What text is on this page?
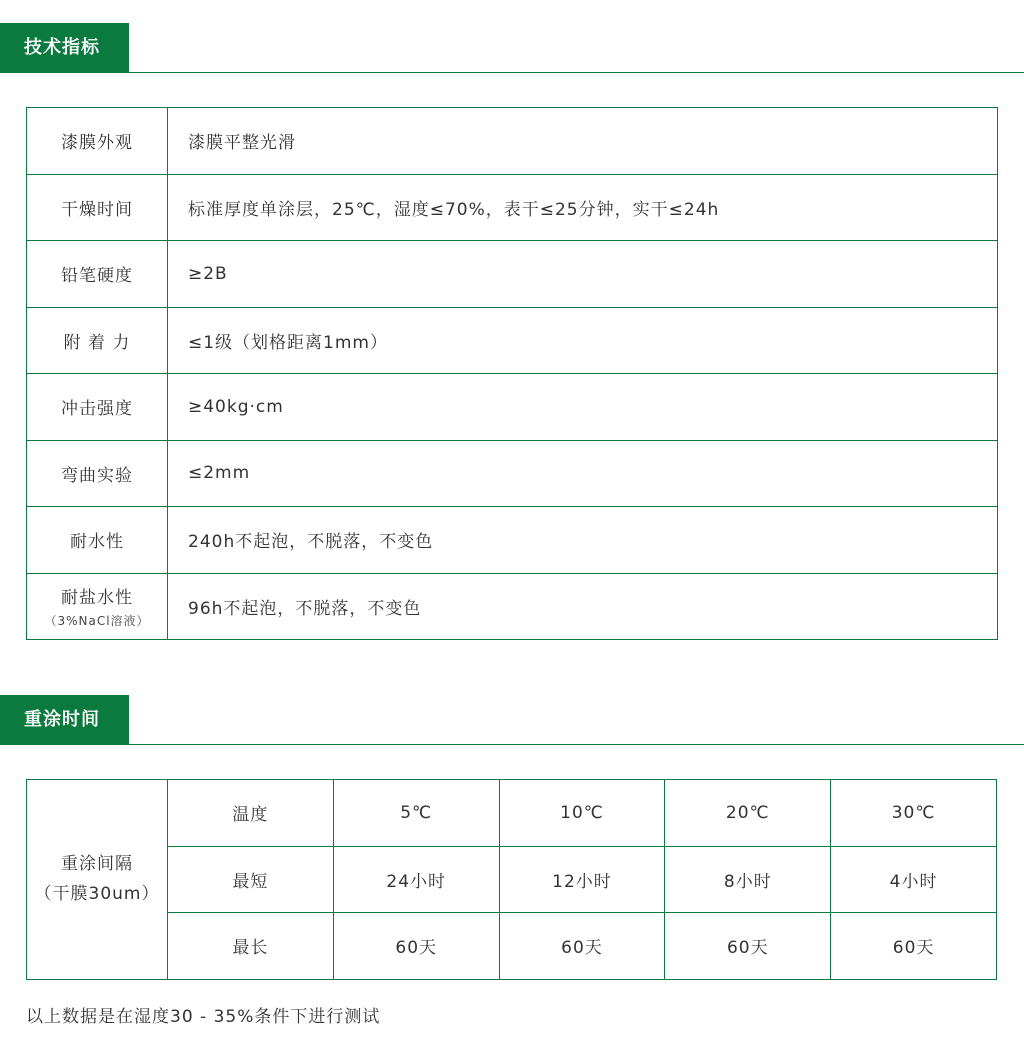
技术指标
漆膜外观	漆膜平整光滑
干燥时间	标准厚度单涂层，25℃，湿度≤70%，表干≤25分钟，实干≤24h
铅笔硬度	≥2B
附 着 力	≤1级（划格距离1mm）
冲击强度	≥40kg·cm
弯曲实验	≤2mm
耐水性	240h不起泡，不脱落，不变色
耐盐水性
（3%NaCl溶液）	96h不起泡，不脱落，不变色
重涂时间
重涂间隔
（干膜30um）	温度	5℃	10℃	20℃	30℃
	最短	24小时	12小时	8小时	4小时
	最长	60天	60天	60天	60天
以上数据是在湿度30 - 35%条件下进行测试
